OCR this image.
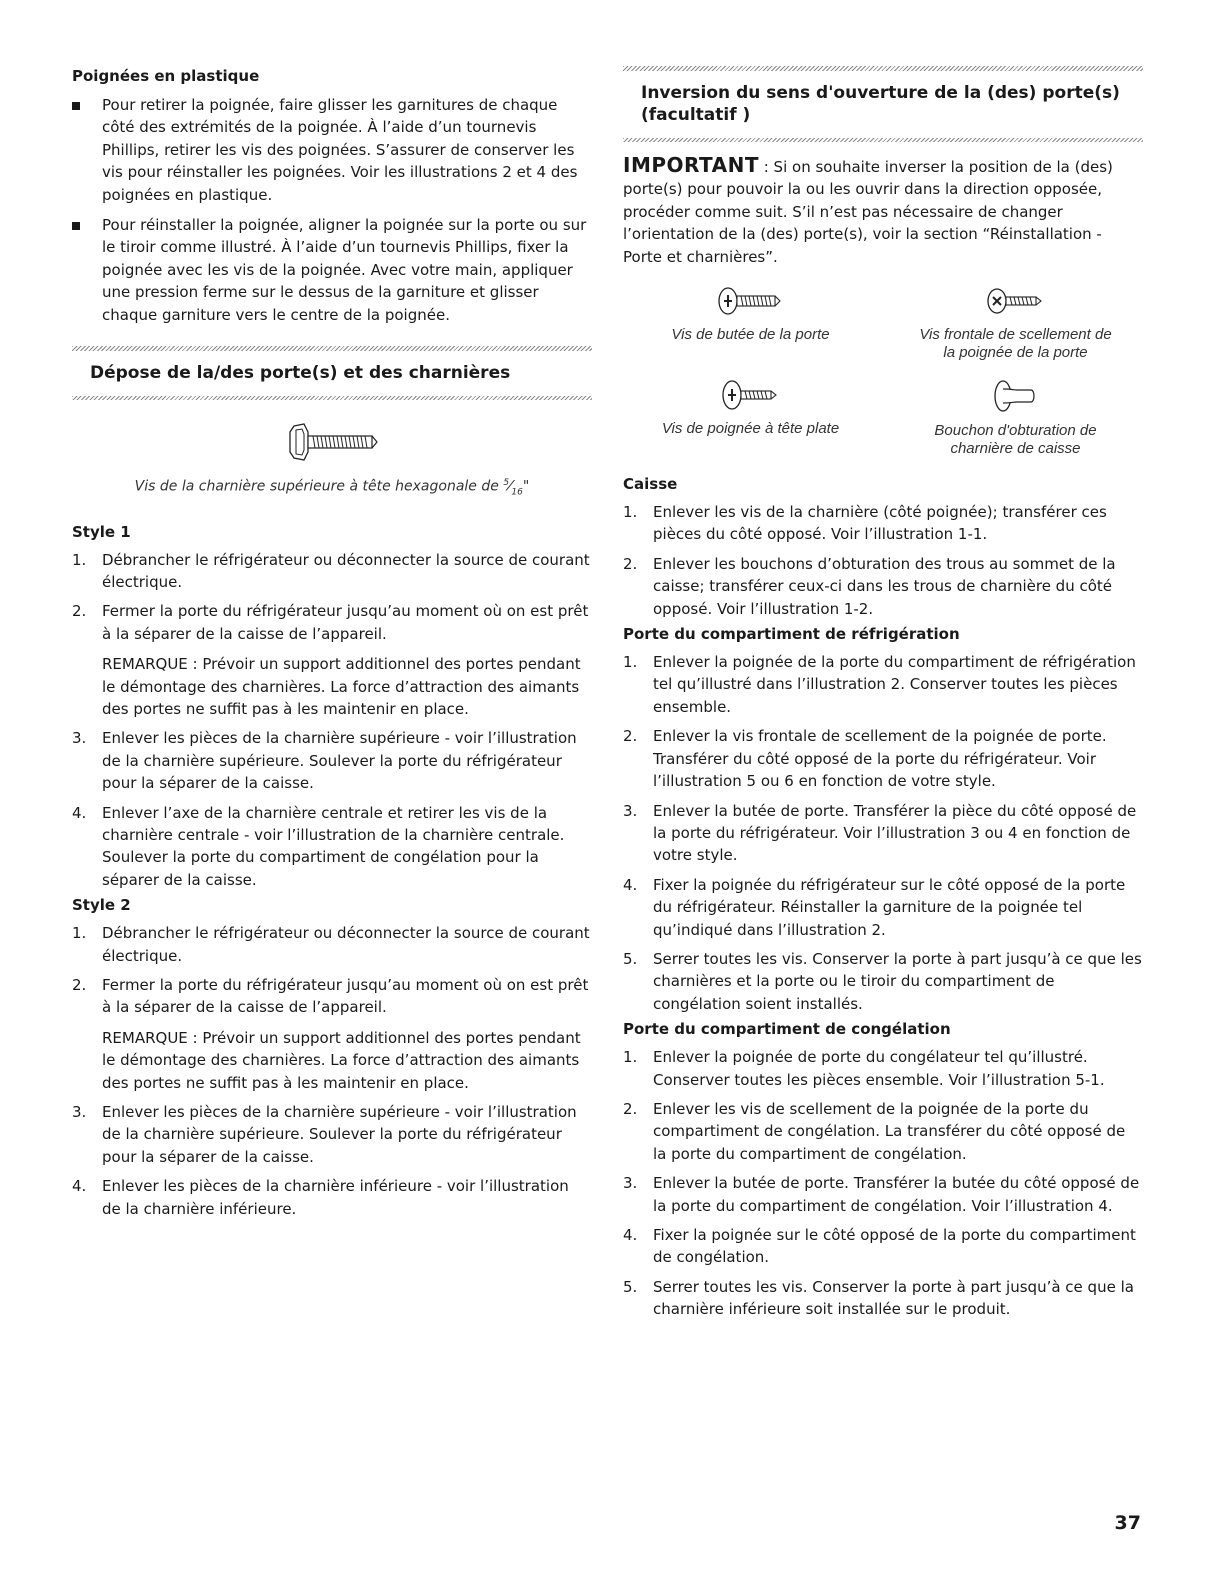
Poignées en plastique

Pour retirer la poignée, faire glisser les garnitures de chaque côté des extrémités de la poignée. À l’aide d’un tournevis Phillips, retirer les vis des poignées. S’assurer de conserver les vis pour réinstaller les poignées. Voir les illustrations 2 et 4 des poignées en plastique.
Pour réinstaller la poignée, aligner la poignée sur la porte ou sur le tiroir comme illustré. À l’aide d’un tournevis Phillips, fixer la poignée avec les vis de la poignée. Avec votre main, appliquer une pression ferme sur le dessus de la garniture et glisser chaque garniture vers le centre de la poignée.
Dépose de la/des porte(s) et des charnières

Vis de la charnière supérieure à tête hexagonale de $^5⁄_{16}$"

Style 1

1. Débrancher le réfrigérateur ou déconnecter la source de courant électrique.
2. Fermer la porte du réfrigérateur jusqu’au moment où on est prêt à la séparer de la caisse de l’appareil.

REMARQUE : Prévoir un support additionnel des portes pendant le démontage des charnières. La force d’attraction des aimants des portes ne suffit pas à les maintenir en place.

3. Enlever les pièces de la charnière supérieure - voir l’illustration de la charnière supérieure. Soulever la porte du réfrigérateur pour la séparer de la caisse.
4. Enlever l’axe de la charnière centrale et retirer les vis de la charnière centrale - voir l’illustration de la charnière centrale. Soulever la porte du compartiment de congélation pour la séparer de la caisse.

Style 2

1. Débrancher le réfrigérateur ou déconnecter la source de courant électrique.
2. Fermer la porte du réfrigérateur jusqu’au moment où on est prêt à la séparer de la caisse de l’appareil.

REMARQUE : Prévoir un support additionnel des portes pendant le démontage des charnières. La force d’attraction des aimants des portes ne suffit pas à les maintenir en place.

3. Enlever les pièces de la charnière supérieure - voir l’illustration de la charnière supérieure. Soulever la porte du réfrigérateur pour la séparer de la caisse.
4. Enlever les pièces de la charnière inférieure - voir l’illustration de la charnière inférieure.
Inversion du sens d'ouverture de la (des) porte(s) (facultatif )

IMPORTANT : Si on souhaite inverser la position de la (des) porte(s) pour pouvoir la ou les ouvrir dans la direction opposée, procéder comme suit. S’il n’est pas nécessaire de changer l’orientation de la (des) porte(s), voir la section “Réinstallation - Porte et charnières”.

Vis de butée de la porte	Vis frontale de scellement de la poignée de la porte

Vis de poignée à tête plate	Bouchon d'obturation de charnière de caisse

Caisse

1. Enlever les vis de la charnière (côté poignée); transférer ces pièces du côté opposé. Voir l’illustration 1-1.
2. Enlever les bouchons d’obturation des trous au sommet de la caisse; transférer ceux-ci dans les trous de charnière du côté opposé. Voir l’illustration 1-2.

Porte du compartiment de réfrigération

1. Enlever la poignée de la porte du compartiment de réfrigération tel qu’illustré dans l’illustration 2. Conserver toutes les pièces ensemble.
2. Enlever la vis frontale de scellement de la poignée de porte. Transférer du côté opposé de la porte du réfrigérateur. Voir l’illustration 5 ou 6 en fonction de votre style.
3. Enlever la butée de porte. Transférer la pièce du côté opposé de la porte du réfrigérateur. Voir l’illustration 3 ou 4 en fonction de votre style.
4. Fixer la poignée du réfrigérateur sur le côté opposé de la porte du réfrigérateur. Réinstaller la garniture de la poignée tel qu’indiqué dans l’illustration 2.
5. Serrer toutes les vis. Conserver la porte à part jusqu’à ce que les charnières et la porte ou le tiroir du compartiment de congélation soient installés.

Porte du compartiment de congélation

1. Enlever la poignée de porte du congélateur tel qu’illustré. Conserver toutes les pièces ensemble. Voir l’illustration 5-1.
2. Enlever les vis de scellement de la poignée de la porte du compartiment de congélation. La transférer du côté opposé de la porte du compartiment de congélation.
3. Enlever la butée de porte. Transférer la butée du côté opposé de la porte du compartiment de congélation. Voir l’illustration 4.
4. Fixer la poignée sur le côté opposé de la porte du compartiment de congélation.
5. Serrer toutes les vis. Conserver la porte à part jusqu’à ce que la charnière inférieure soit installée sur le produit.
37
